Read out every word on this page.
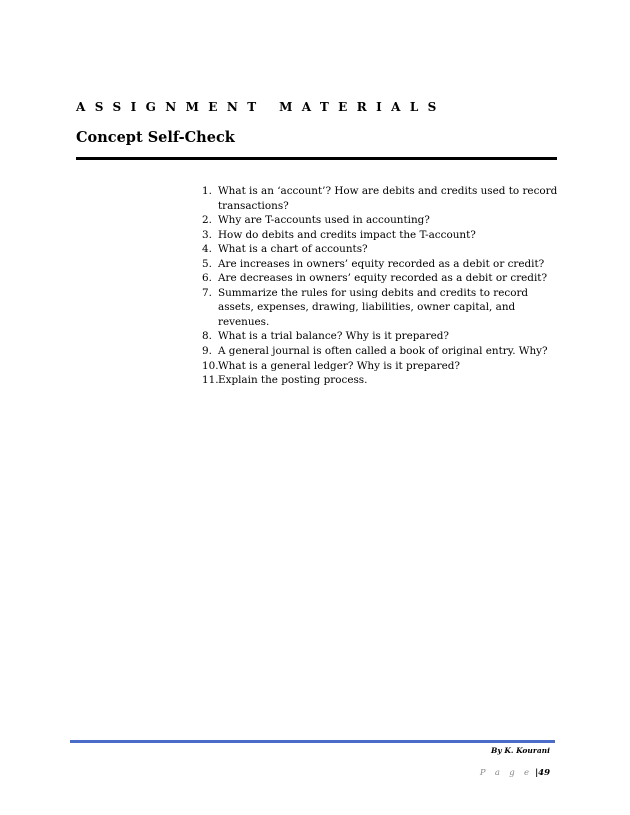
ASSIGNMENT MATERIALS
Concept Self-Check
1. What is an ‘account’? How are debits and credits used to record transactions?
2. Why are T-accounts used in accounting?
3. How do debits and credits impact the T-account?
4. What is a chart of accounts?
5. Are increases in owners’ equity recorded as a debit or credit?
6. Are decreases in owners’ equity recorded as a debit or credit?
7. Summarize the rules for using debits and credits to record assets, expenses, drawing, liabilities, owner capital, and revenues.
8. What is a trial balance? Why is it prepared?
9. A general journal is often called a book of original entry. Why?
10. What is a general ledger? Why is it prepared?
11. Explain the posting process.
By K. Kourani
P a g e |49
